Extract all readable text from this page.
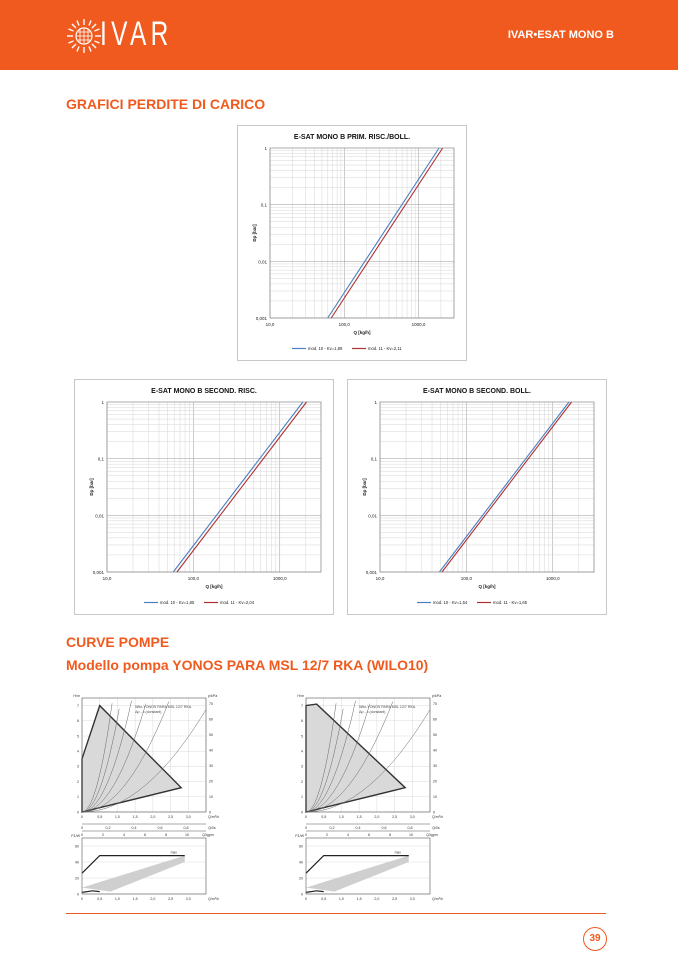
IVAR	IVAR•ESAT MONO B
GRAFICI PERDITE DI CARICO
E-SAT MONO B PRIM. RISC./BOLL.
1
0,1
0,01
0,001
10,0	100,0	1000,0
Q [kg/h]
Dp [bar]
mod. 10 - Kv=1,89	mod. 11 - Kv=2,11
E-SAT MONO B SECOND. RISC.
1
0,1
0,01
0,001
10,0	100,0	1000,0
Q [kg/h]
Dp [bar]
mod. 10 - Kv=1,85	mod. 11 - Kv=2,04
E-SAT MONO B SECOND. BOLL.
1
0,1
0,01
0,001
10,0	100,0	1000,0
Q [kg/h]
Dp [bar]
mod. 10 - Kv=1,54	mod. 11 - Kv=1,65
CURVE POMPE
Modello pompa YONOS PARA MSL 12/7 RKA (WILO10)
Wilo-YONOS PARA MSL 12/7 RKA
Δp - c (constant)
H/m	p/kPa
0
1
2
3
4
5
6
7
0
10
20
30
40
50
60
70
0	0,5	1,0	1,5	2,0	2,5	3,0	Q/m³/h
0	0,2	0,4	0,6	0,8	Q/l/s
0	2	4	6	8	10	Q/Igpm
max
P1/W
0
20
40
60
0	0,5	1,0	1,5	2,0	2,5	3,0	Q/m³/h
Wilo-YONOS PARA MSL 12/7 RKA
Δp - c (constant)
H/m	p/kPa
0
1
2
3
4
5
6
7
0
10
20
30
40
50
60
70
0	0,5	1,0	1,5	2,0	2,5	3,0	Q/m³/h
0	0,2	0,4	0,6	0,8	Q/l/s
0	2	4	6	8	10	Q/Igpm
max
P1/W
0
20
40
60
0	0,5	1,0	1,5	2,0	2,5	3,0	Q/m³/h
39
